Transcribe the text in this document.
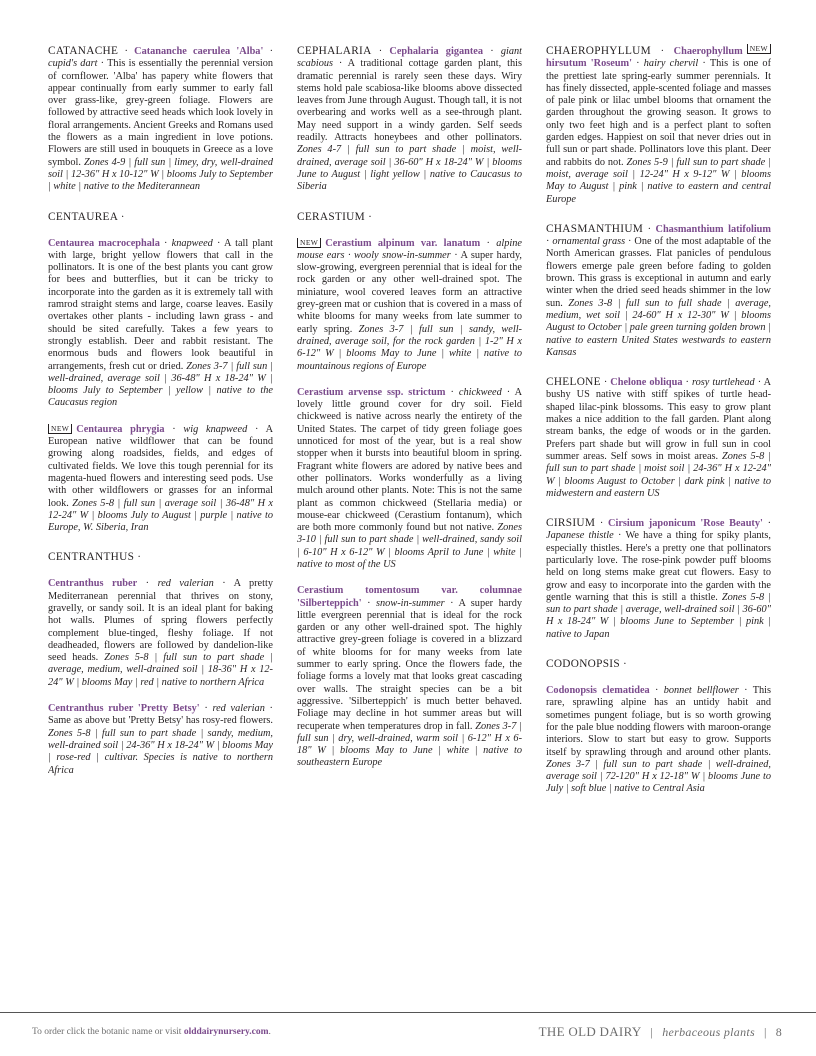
CATANACHE · Catananche caerulea 'Alba' · cupid's dart · This is essentially the perennial version of cornflower. 'Alba' has papery white flowers that appear continually from early summer to early fall over grass-like, grey-green foliage. Flowers are followed by attractive seed heads which look lovely in floral arrangements. Ancient Greeks and Romans used the flowers as a main ingredient in love potions. Flowers are still used in bouquets in Greece as a love symbol. Zones 4-9 | full sun | limey, dry, well-drained soil | 12-36" H x 10-12" W | blooms July to September | white | native to the Mediterannean

CENTAUREA ·

Centaurea macrocephala · knapweed · A tall plant with large, bright yellow flowers that call in the pollinators. It is one of the best plants you cant grow for bees and butterflies, but it can be tricky to incorporate into the garden as it is extremely tall with ramrod straight stems and large, coarse leaves. Easily overtakes other plants - including lawn grass - and should be sited carefully. Takes a few years to strongly establish. Deer and rabbit resistant. The enormous buds and flowers look beautiful in arrangements, fresh cut or dried. Zones 3-7 | full sun | well-drained, average soil | 36-48" H x 18-24" W | blooms July to September | yellow | native to the Caucasus region

NEW Centaurea phrygia · wig knapweed · A European native wildflower that can be found growing along roadsides, fields, and edges of cultivated fields. We love this tough perennial for its magenta-hued flowers and interesting seed pods. Use with other wildflowers or grasses for an informal look. Zones 5-8 | full sun | average soil | 36-48" H x 12-24" W | blooms July to August | purple | native to Europe, W. Siberia, Iran

CENTRANTHUS ·

Centranthus ruber · red valerian · A pretty Mediterranean perennial that thrives on stony, gravelly, or sandy soil. It is an ideal plant for baking hot walls. Plumes of spring flowers perfectly complement blue-tinged, fleshy foliage. If not deadheaded, flowers are followed by dandelion-like seed heads. Zones 5-8 | full sun to part shade | average, medium, well-drained soil | 18-36" H x 12-24" W | blooms May | red | native to northern Africa

Centranthus ruber 'Pretty Betsy' · red valerian · Same as above but 'Pretty Betsy' has rosy-red flowers. Zones 5-8 | full sun to part shade | sandy, medium, well-drained soil | 24-36" H x 18-24" W | blooms May | rose-red | cultivar. Species is native to northern Africa

CEPHALARIA · Cephalaria gigantea · giant scabious · A traditional cottage garden plant, this dramatic perennial is rarely seen these days. Wiry stems hold pale scabiosa-like blooms above dissected leaves from June through August. Though tall, it is not overbearing and works well as a see-through plant. May need support in a windy garden. Self seeds readily. Attracts honeybees and other pollinators. Zones 4-7 | full sun to part shade | moist, well-drained, average soil | 36-60" H x 18-24" W | blooms June to August | light yellow | native to Caucasus to Siberia

CERASTIUM ·

NEW Cerastium alpinum var. lanatum · alpine mouse ears · wooly snow-in-summer · A super hardy, slow-growing, evergreen perennial that is ideal for the rock garden or any other well-drained spot. The miniature, wool covered leaves form an attractive grey-green mat or cushion that is covered in a mass of white blooms for many weeks from late summer to early spring. Zones 3-7 | full sun | sandy, well-drained, average soil, for the rock garden | 1-2" H x 6-12" W | blooms May to June | white | native to mountainous regions of Europe

Cerastium arvense ssp. strictum · chickweed · A lovely little ground cover for dry soil. Field chickweed is native across nearly the entirety of the United States. The carpet of tidy green foliage goes unnoticed for most of the year, but is a real show stopper when it bursts into beautiful bloom in spring. Fragrant white flowers are adored by native bees and other pollinators. Works wonderfully as a living mulch around other plants. Note: This is not the same plant as common chickweed (Stellaria media) or mouse-ear chickweed (Cerastium fontanum), which are both more commonly found but not native. Zones 3-10 | full sun to part shade | well-drained, sandy soil | 6-10" H x 6-12" W | blooms April to June | white | native to most of the US

Cerastium tomentosum var. columnae 'Silberteppich' · snow-in-summer · A super hardy little evergreen perennial that is ideal for the rock garden or any other well-drained spot. The highly attractive grey-green foliage is covered in a blizzard of white blooms for for many weeks from late summer to early spring. Once the flowers fade, the foliage forms a lovely mat that looks great cascading over walls. The straight species can be a bit aggressive. 'Silberteppich' is much better behaved. Foliage may decline in hot summer areas but will recuperate when temperatures drop in fall. Zones 3-7 | full sun | dry, well-drained, warm soil | 6-12" H x 6-18" W | blooms May to June | white | native to southeastern Europe

NEW
CHAEROPHYLLUM · Chaerophyllum hirsutum 'Roseum' · hairy chervil · This is one of the prettiest late spring-early summer perennials. It has finely dissected, apple-scented foliage and masses of pale pink or lilac umbel blooms that ornament the garden throughout the growing season. It grows to only two feet high and is a perfect plant to soften garden edges. Happiest on soil that never dries out in full sun or part shade. Pollinators love this plant. Deer and rabbits do not. Zones 5-9 | full sun to part shade | moist, average soil | 12-24" H x 9-12" W | blooms May to August | pink | native to eastern and central Europe

CHASMANTHIUM · Chasmanthium latifolium · ornamental grass · One of the most adaptable of the North American grasses. Flat panicles of pendulous flowers emerge pale green before fading to golden brown. This grass is exceptional in autumn and early winter when the dried seed heads shimmer in the low sun. Zones 3-8 | full sun to full shade | average, medium, wet soil | 24-60" H x 12-30" W | blooms August to October | pale green turning golden brown | native to eastern United States westwards to eastern Kansas

CHELONE · Chelone obliqua · rosy turtlehead · A bushy US native with stiff spikes of turtle head-shaped lilac-pink blossoms. This easy to grow plant makes a nice addition to the fall garden. Plant along stream banks, the edge of woods or in the garden. Prefers part shade but will grow in full sun in cool summer areas. Self sows in moist areas. Zones 5-8 | full sun to part shade | moist soil | 24-36" H x 12-24" W | blooms August to October | dark pink | native to midwestern and eastern US

CIRSIUM · Cirsium japonicum 'Rose Beauty' · Japanese thistle · We have a thing for spiky plants, especially thistles. Here's a pretty one that pollinators particularly love. The rose-pink powder puff blooms held on long stems make great cut flowers. Easy to grow and easy to incorporate into the garden with the gentle warning that this is still a thistle. Zones 5-8 | sun to part shade | average, well-drained soil | 36-60" H x 18-24" W | blooms June to September | pink | native to Japan

CODONOPSIS ·

Codonopsis clematidea · bonnet bellflower · This rare, sprawling alpine has an untidy habit and sometimes pungent foliage, but is so worth growing for the pale blue nodding flowers with maroon-orange interiors. Slow to start but easy to grow. Supports itself by sprawling through and around other plants. Zones 3-7 | full sun to part shade | well-drained, average soil | 72-120" H x 12-18" W | blooms June to July | soft blue | native to Central Asia

To order click the botanic name or visit olddairynursery.com.	THE OLD DAIRY | herbaceous plants | 8
